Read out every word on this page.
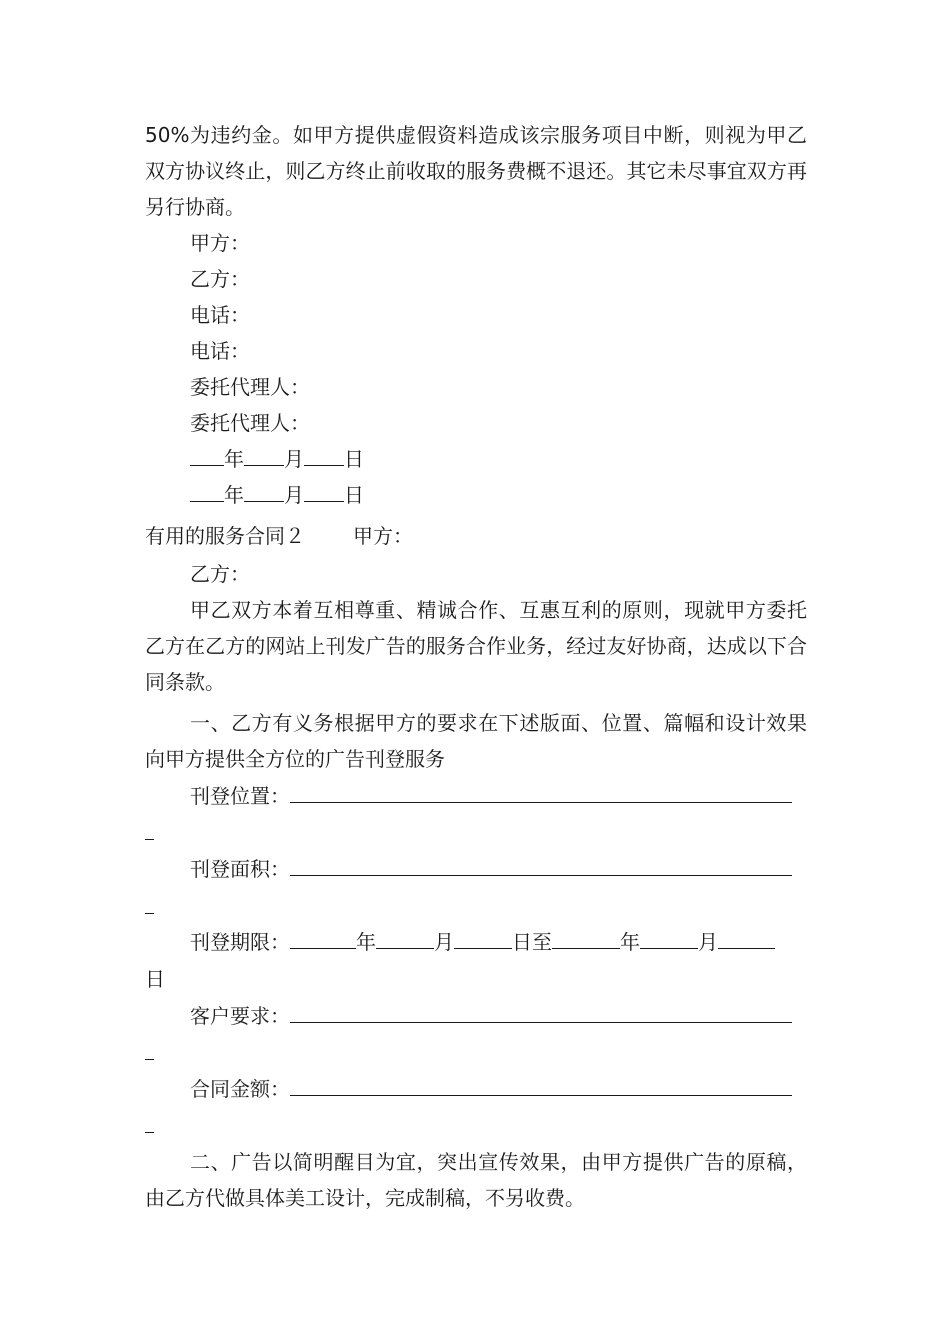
50%为违约金。如甲方提供虚假资料造成该宗服务项目中断，则视为甲乙双方协议终止，则乙方终止前收取的服务费概不退还。其它未尽事宜双方再另行协商。
甲方：
乙方：
电话：
电话：
委托代理人：
委托代理人：
年 月 日
年 月 日
有用的服务合同２ 甲方：
乙方：
甲乙双方本着互相尊重、精诚合作、互惠互利的原则，现就甲方委托乙方在乙方的网站上刊发广告的服务合作业务，经过友好协商，达成以下合同条款。
一、乙方有义务根据甲方的要求在下述版面、位置、篇幅和设计效果向甲方提供全方位的广告刊登服务
刊登位置：
刊登面积：
刊登期限：	年	月	日至	年	月
日
客户要求：
合同金额：
二、广告以简明醒目为宜，突出宣传效果，由甲方提供广告的原稿，由乙方代做具体美工设计，完成制稿，不另收费。
